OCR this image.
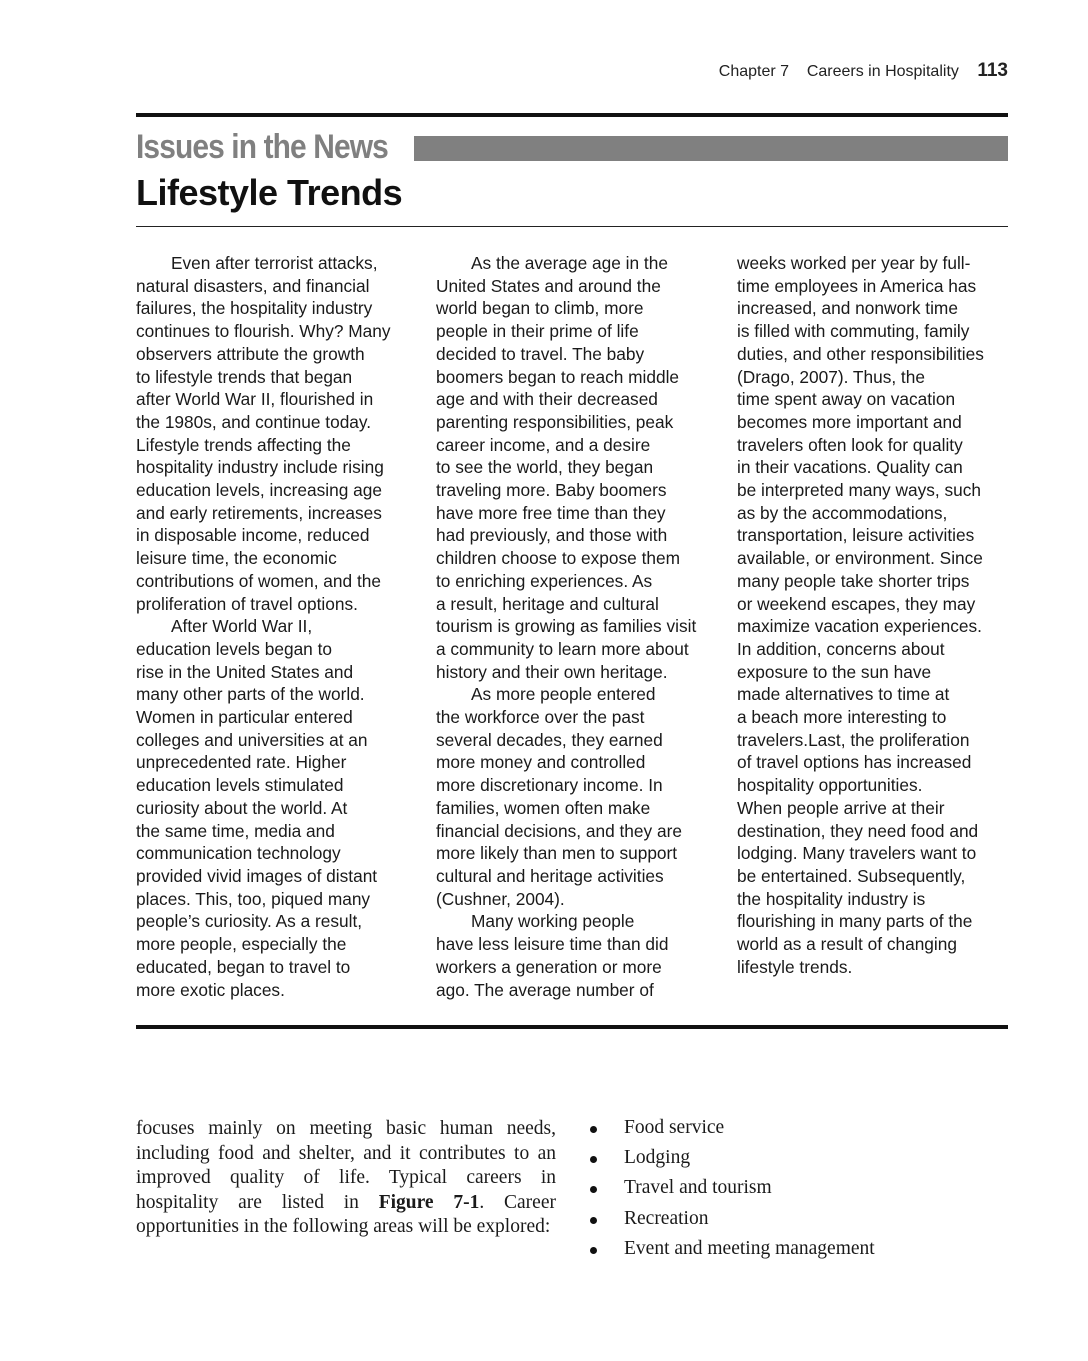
Chapter 7 Careers in Hospitality 113
Issues in the News
Lifestyle Trends
Even after terrorist attacks,
natural disasters, and financial
failures, the hospitality industry
continues to flourish. Why? Many
observers attribute the growth
to lifestyle trends that began
after World War II, flourished in
the 1980s, and continue today.
Lifestyle trends affecting the
hospitality industry include rising
education levels, increasing age
and early retirements, increases
in disposable income, reduced
leisure time, the economic
contributions of women, and the
proliferation of travel options.
After World War II,
education levels began to
rise in the United States and
many other parts of the world.
Women in particular entered
colleges and universities at an
unprecedented rate. Higher
education levels stimulated
curiosity about the world. At
the same time, media and
communication technology
provided vivid images of distant
places. This, too, piqued many
people’s curiosity. As a result,
more people, especially the
educated, began to travel to
more exotic places.
As the average age in the
United States and around the
world began to climb, more
people in their prime of life
decided to travel. The baby
boomers began to reach middle
age and with their decreased
parenting responsibilities, peak
career income, and a desire
to see the world, they began
traveling more. Baby boomers
have more free time than they
had previously, and those with
children choose to expose them
to enriching experiences. As
a result, heritage and cultural
tourism is growing as families visit
a community to learn more about
history and their own heritage.
As more people entered
the workforce over the past
several decades, they earned
more money and controlled
more discretionary income. In
families, women often make
financial decisions, and they are
more likely than men to support
cultural and heritage activities
(Cushner, 2004).
Many working people
have less leisure time than did
workers a generation or more
ago. The average number of
weeks worked per year by full-
time employees in America has
increased, and nonwork time
is filled with commuting, family
duties, and other responsibilities
(Drago, 2007). Thus, the
time spent away on vacation
becomes more important and
travelers often look for quality
in their vacations. Quality can
be interpreted many ways, such
as by the accommodations,
transportation, leisure activities
available, or environment. Since
many people take shorter trips
or weekend escapes, they may
maximize vacation experiences.
In addition, concerns about
exposure to the sun have
made alternatives to time at
a beach more interesting to
travelers.Last, the proliferation
of travel options has increased
hospitality opportunities.
When people arrive at their
destination, they need food and
lodging. Many travelers want to
be entertained. Subsequently,
the hospitality industry is
flourishing in many parts of the
world as a result of changing
lifestyle trends.
focuses mainly on meeting basic human needs, including food and shelter, and it contributes to an improved quality of life. Typical careers in hospitality are listed in Figure 7-1. Career opportunities in the following areas will be explored:
Food service
Lodging
Travel and tourism
Recreation
Event and meeting management
